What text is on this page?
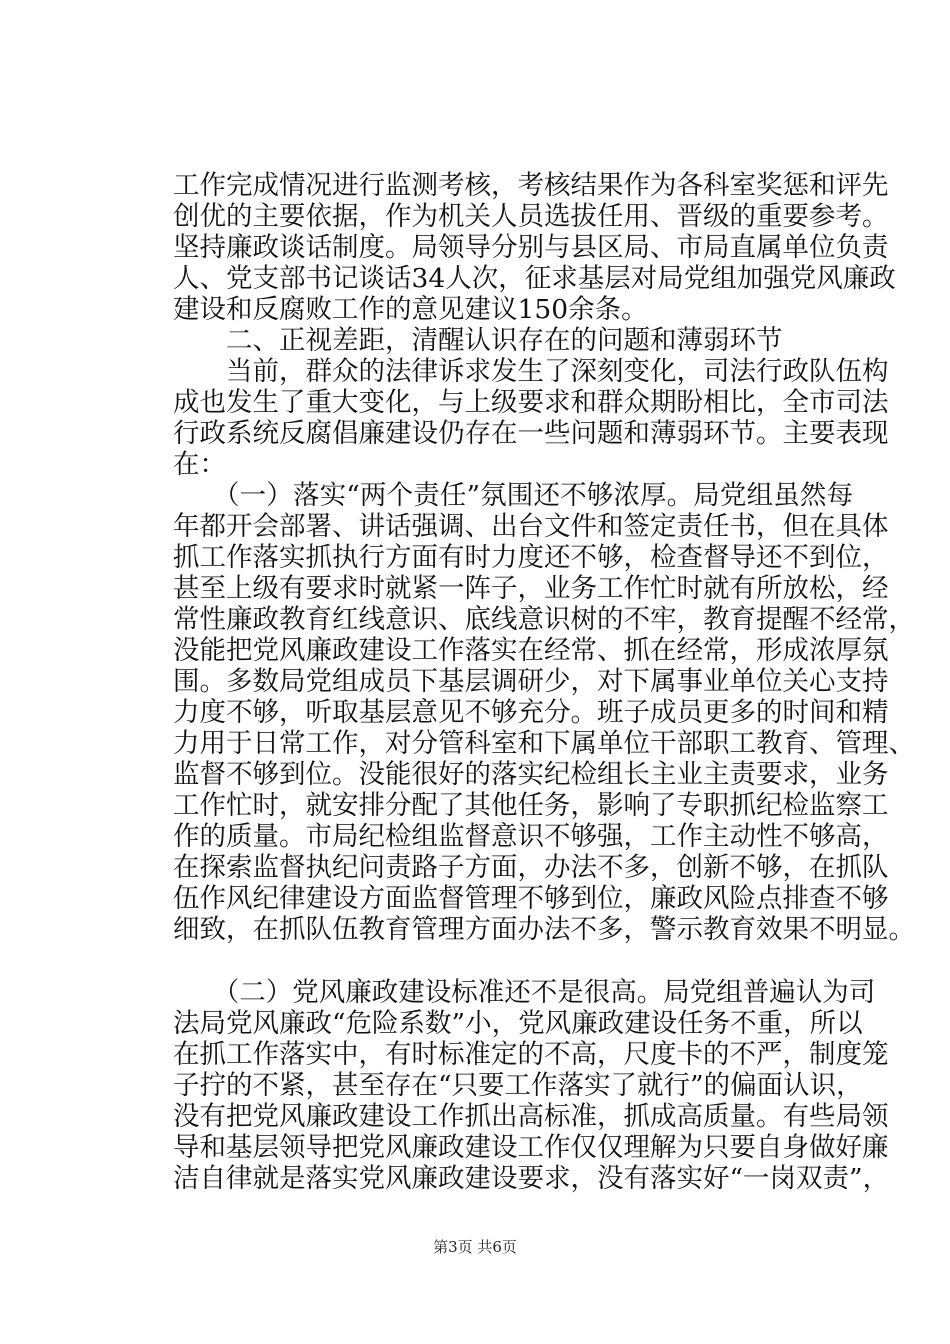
工作完成情况进行监测考核，考核结果作为各科室奖惩和评先
创优的主要依据，作为机关人员选拔任用、晋级的重要参考。
坚持廉政谈话制度。局领导分别与县区局、市局直属单位负责
人、党支部书记谈话34人次，征求基层对局党组加强党风廉政
建设和反腐败工作的意见建议150余条。
　　二、正视差距，清醒认识存在的问题和薄弱环节
　　当前，群众的法律诉求发生了深刻变化，司法行政队伍构
成也发生了重大变化，与上级要求和群众期盼相比，全市司法
行政系统反腐倡廉建设仍存在一些问题和薄弱环节。主要表现
在：
　　（一）落实“两个责任”氛围还不够浓厚。局党组虽然每
年都开会部署、讲话强调、出台文件和签定责任书，但在具体
抓工作落实抓执行方面有时力度还不够，检查督导还不到位，
甚至上级有要求时就紧一阵子，业务工作忙时就有所放松，经
常性廉政教育红线意识、底线意识树的不牢，教育提醒不经常，
没能把党风廉政建设工作落实在经常、抓在经常，形成浓厚氛
围。多数局党组成员下基层调研少，对下属事业单位关心支持
力度不够，听取基层意见不够充分。班子成员更多的时间和精
力用于日常工作，对分管科室和下属单位干部职工教育、管理、
监督不够到位。没能很好的落实纪检组长主业主责要求，业务
工作忙时，就安排分配了其他任务，影响了专职抓纪检监察工
作的质量。市局纪检组监督意识不够强，工作主动性不够高，
在探索监督执纪问责路子方面，办法不多，创新不够，在抓队
伍作风纪律建设方面监督管理不够到位，廉政风险点排查不够
细致，在抓队伍教育管理方面办法不多，警示教育效果不明显。
　　（二）党风廉政建设标准还不是很高。局党组普遍认为司
法局党风廉政“危险系数”小，党风廉政建设任务不重，所以
在抓工作落实中，有时标准定的不高，尺度卡的不严，制度笼
子拧的不紧，甚至存在“只要工作落实了就行”的偏面认识，
没有把党风廉政建设工作抓出高标准，抓成高质量。有些局领
导和基层领导把党风廉政建设工作仅仅理解为只要自身做好廉
洁自律就是落实党风廉政建设要求，没有落实好“一岗双责”，
第3页 共6页
